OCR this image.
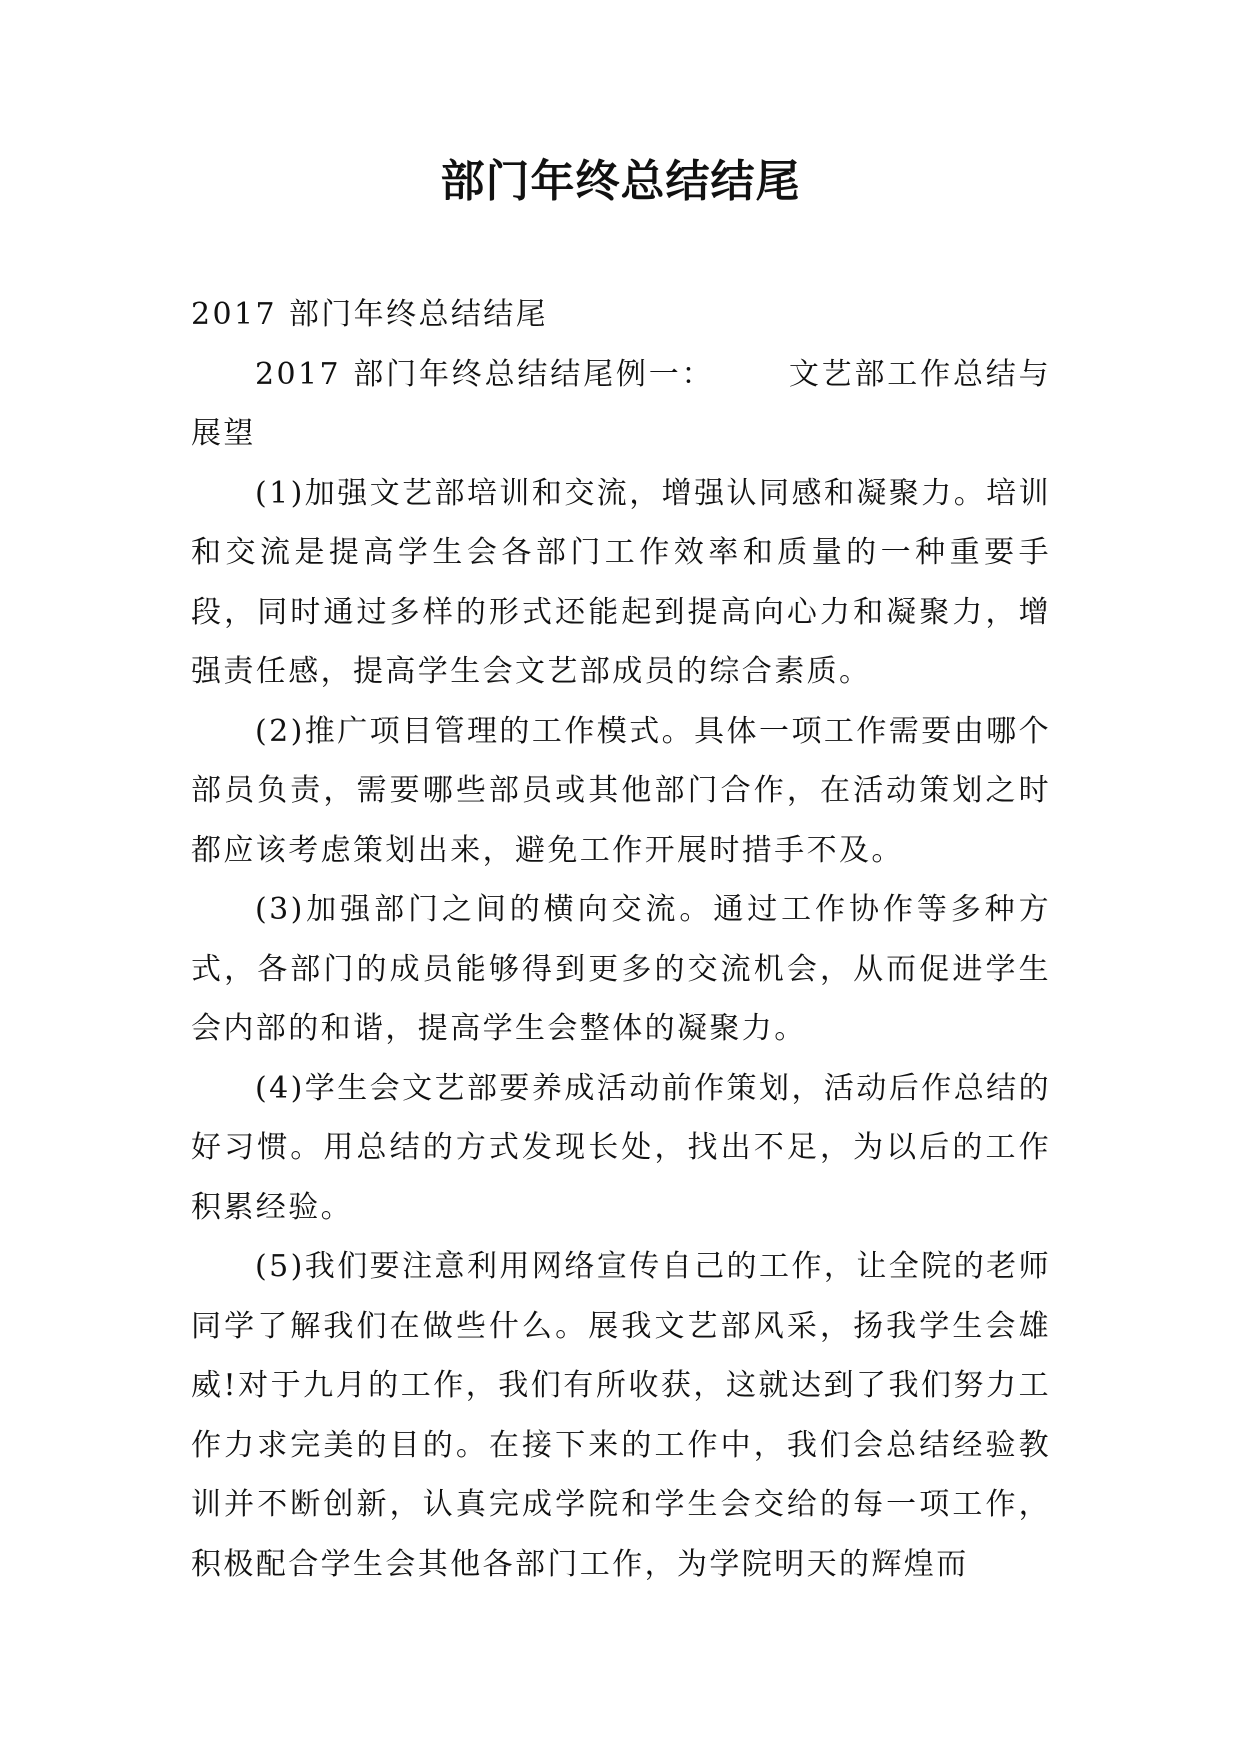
部门年终总结结尾

2017 部门年终总结结尾

2017 部门年终总结结尾例一： 文艺部工作总结与展望

(1)加强文艺部培训和交流，增强认同感和凝聚力。培训和交流是提高学生会各部门工作效率和质量的一种重要手段，同时通过多样的形式还能起到提高向心力和凝聚力，增强责任感，提高学生会文艺部成员的综合素质。

(2)推广项目管理的工作模式。具体一项工作需要由哪个部员负责，需要哪些部员或其他部门合作，在活动策划之时都应该考虑策划出来，避免工作开展时措手不及。

(3)加强部门之间的横向交流。通过工作协作等多种方式，各部门的成员能够得到更多的交流机会，从而促进学生会内部的和谐，提高学生会整体的凝聚力。

(4)学生会文艺部要养成活动前作策划，活动后作总结的好习惯。用总结的方式发现长处，找出不足，为以后的工作积累经验。

(5)我们要注意利用网络宣传自己的工作，让全院的老师同学了解我们在做些什么。展我文艺部风采，扬我学生会雄威!对于九月的工作，我们有所收获，这就达到了我们努力工作力求完美的目的。在接下来的工作中，我们会总结经验教训并不断创新，认真完成学院和学生会交给的每一项工作，积极配合学生会其他各部门工作，为学院明天的辉煌而
